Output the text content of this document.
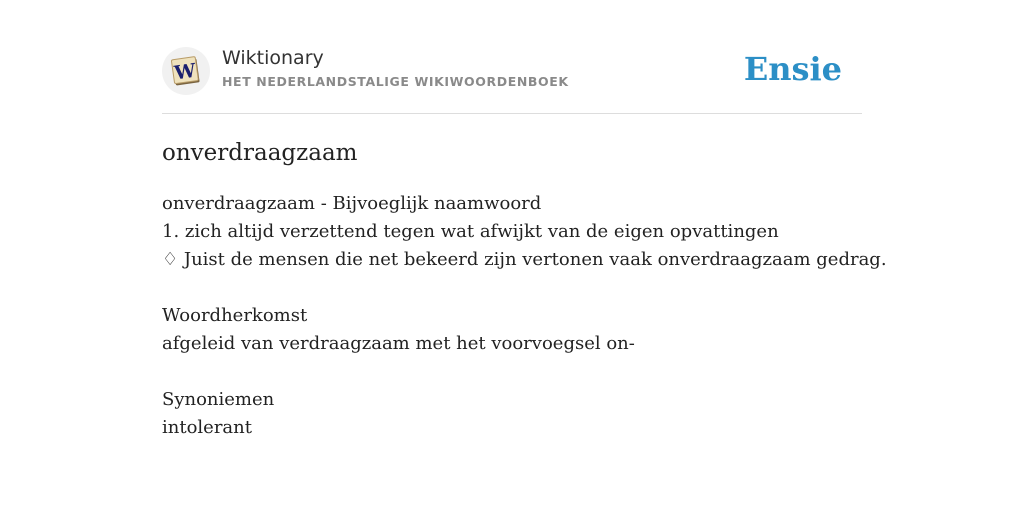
W
Wiktionary
HET NEDERLANDSTALIGE WIKIWOORDENBOEK	Ensie
onverdraagzaam
onverdraagzaam - Bijvoeglijk naamwoord
1. zich altijd verzettend tegen wat afwijkt van de eigen opvattingen
♢ Juist de mensen die net bekeerd zijn vertonen vaak onverdraagzaam gedrag.
Woordherkomst
afgeleid van verdraagzaam met het voorvoegsel on-
Synoniemen
intolerant
